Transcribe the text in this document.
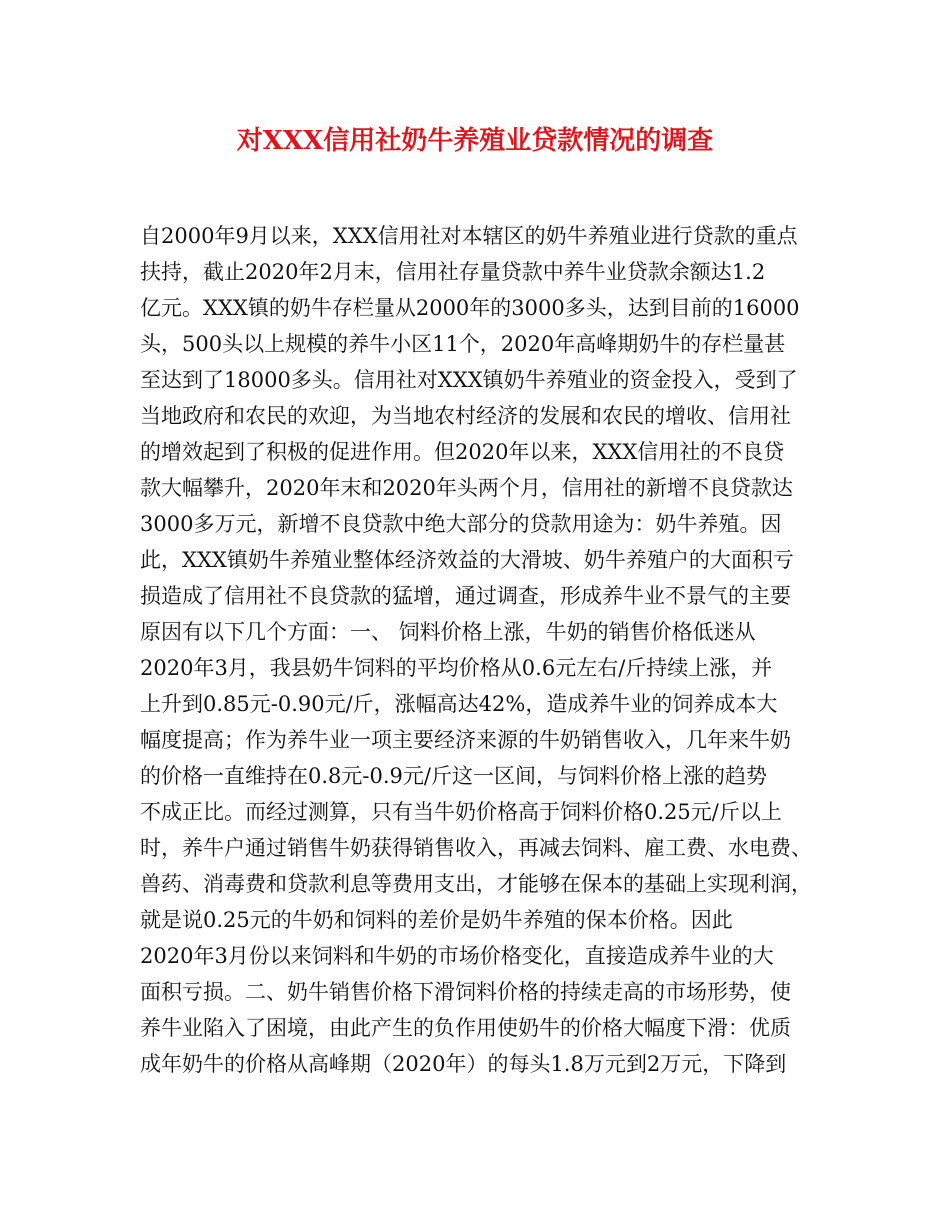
对XXX信用社奶牛养殖业贷款情况的调查
自2000年9月以来，XXX信用社对本辖区的奶牛养殖业进行贷款的重点
扶持，截止2020年2月末，信用社存量贷款中养牛业贷款余额达1.2
亿元。XXX镇的奶牛存栏量从2000年的3000多头，达到目前的16000
头，500头以上规模的养牛小区11个，2020年高峰期奶牛的存栏量甚
至达到了18000多头。信用社对XXX镇奶牛养殖业的资金投入，受到了
当地政府和农民的欢迎，为当地农村经济的发展和农民的增收、信用社
的增效起到了积极的促进作用。但2020年以来，XXX信用社的不良贷
款大幅攀升，2020年末和2020年头两个月，信用社的新增不良贷款达
3000多万元，新增不良贷款中绝大部分的贷款用途为：奶牛养殖。因
此，XXX镇奶牛养殖业整体经济效益的大滑坡、奶牛养殖户的大面积亏
损造成了信用社不良贷款的猛增，通过调查，形成养牛业不景气的主要
原因有以下几个方面：一、 饲料价格上涨，牛奶的销售价格低迷从
2020年3月，我县奶牛饲料的平均价格从0.6元左右/斤持续上涨，并
上升到0.85元-0.90元/斤，涨幅高达42%，造成养牛业的饲养成本大
幅度提高；作为养牛业一项主要经济来源的牛奶销售收入，几年来牛奶
的价格一直维持在0.8元-0.9元/斤这一区间，与饲料价格上涨的趋势
不成正比。而经过测算，只有当牛奶价格高于饲料价格0.25元/斤以上
时，养牛户通过销售牛奶获得销售收入，再减去饲料、雇工费、水电费、
兽药、消毒费和贷款利息等费用支出，才能够在保本的基础上实现利润，
就是说0.25元的牛奶和饲料的差价是奶牛养殖的保本价格。因此
2020年3月份以来饲料和牛奶的市场价格变化，直接造成养牛业的大
面积亏损。二、奶牛销售价格下滑饲料价格的持续走高的市场形势，使
养牛业陷入了困境，由此产生的负作用使奶牛的价格大幅度下滑：优质
成年奶牛的价格从高峰期（2020年）的每头1.8万元到2万元，下降到
